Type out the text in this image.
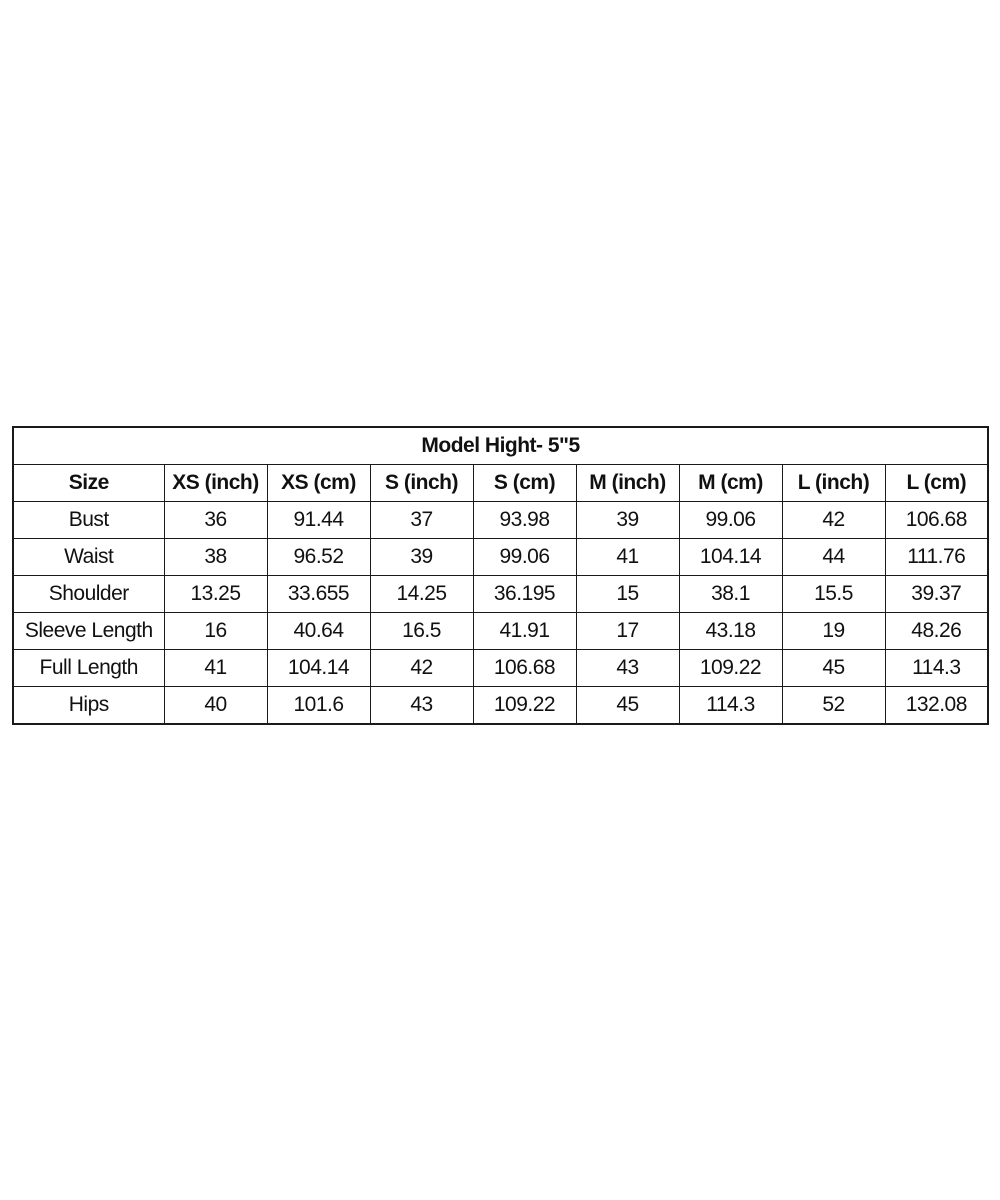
Model Hight- 5"5								
Size	XS (inch)	XS (cm)	S (inch)	S (cm)	M (inch)	M (cm)	L (inch)	L (cm)
Bust	36	91.44	37	93.98	39	99.06	42	106.68
Waist	38	96.52	39	99.06	41	104.14	44	111.76
Shoulder	13.25	33.655	14.25	36.195	15	38.1	15.5	39.37
Sleeve Length	16	40.64	16.5	41.91	17	43.18	19	48.26
Full Length	41	104.14	42	106.68	43	109.22	45	114.3
Hips	40	101.6	43	109.22	45	114.3	52	132.08
